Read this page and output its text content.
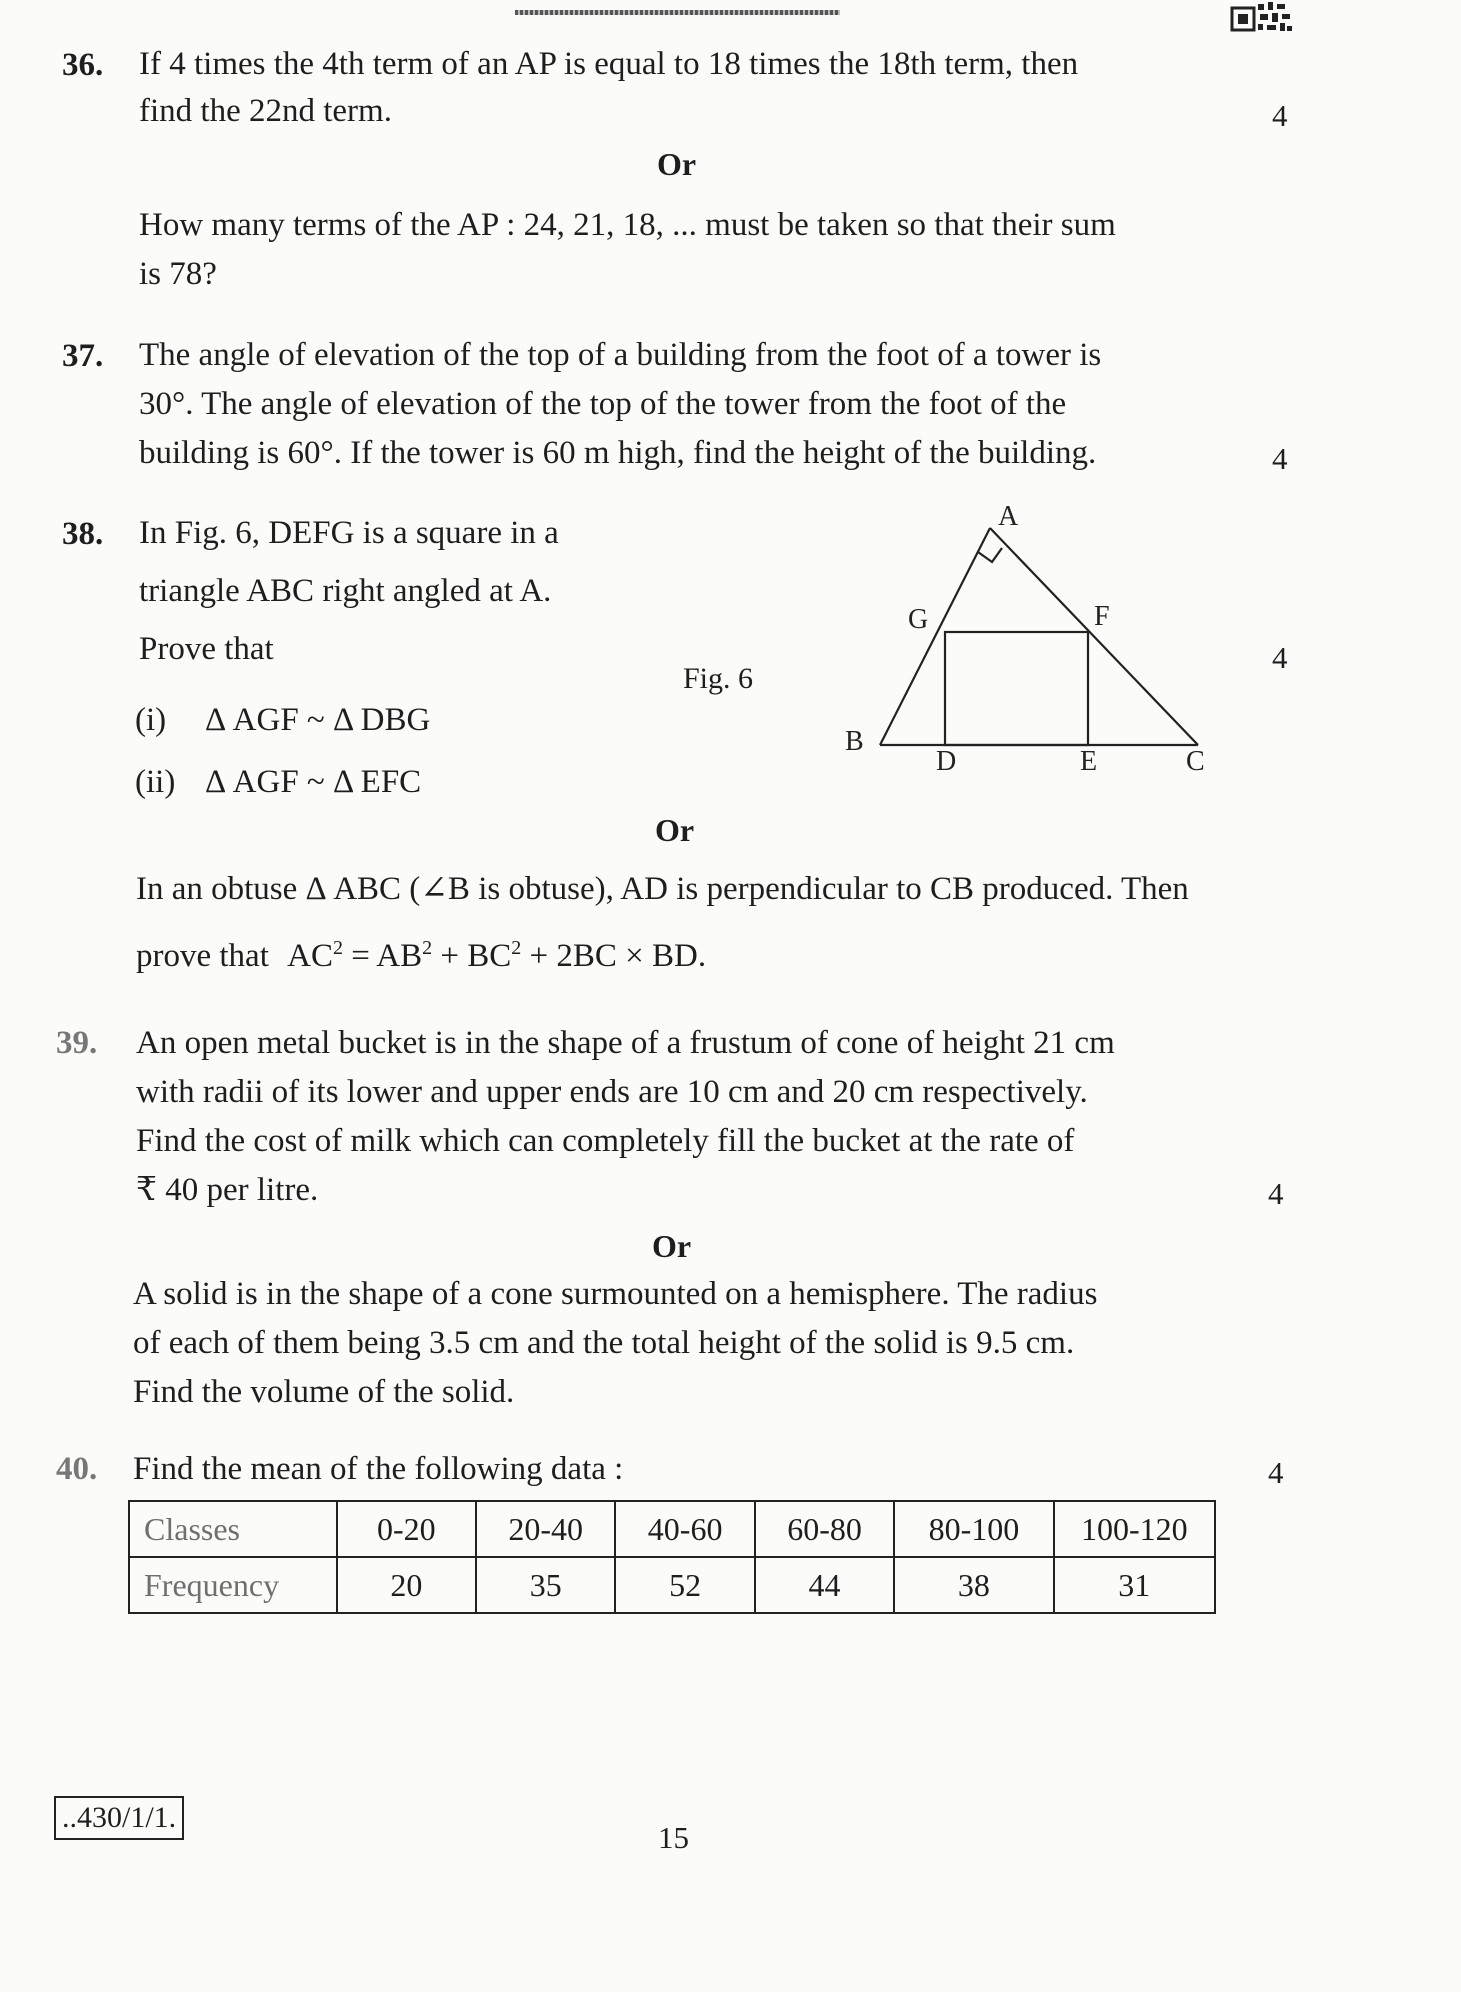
36. If 4 times the 4th term of an AP is equal to 18 times the 18th term, then
find the 22nd term.	4
Or
How many terms of the AP : 24, 21, 18, ... must be taken so that their sum
is 78?
37. The angle of elevation of the top of a building from the foot of a tower is
30°. The angle of elevation of the top of the tower from the foot of the
building is 60°. If the tower is 60 m high, find the height of the building.	4
38. In Fig. 6, DEFG is a square in a
triangle ABC right angled at A.
Prove that
(i) Δ AGF ~ Δ DBG
(ii) Δ AGF ~ Δ EFC
Fig. 6
4
A
G	F
B
D	E	C
Or
In an obtuse Δ ABC (∠B is obtuse), AD is perpendicular to CB produced. Then
prove that $AC^2 = AB^2 + BC^2 + 2BC$ × BD.
39. An open metal bucket is in the shape of a frustum of cone of height 21 cm
with radii of its lower and upper ends are 10 cm and 20 cm respectively.
Find the cost of milk which can completely fill the bucket at the rate of
₹ 40 per litre.	4
Or
A solid is in the shape of a cone surmounted on a hemisphere. The radius
of each of them being 3.5 cm and the total height of the solid is 9.5 cm.
Find the volume of the solid.
40. Find the mean of the following data :	4
Classes	0-20	20-40	40-60	60-80	80-100	100-120
Frequency	20	35	52	44	38	31
..430/1/1.
15
